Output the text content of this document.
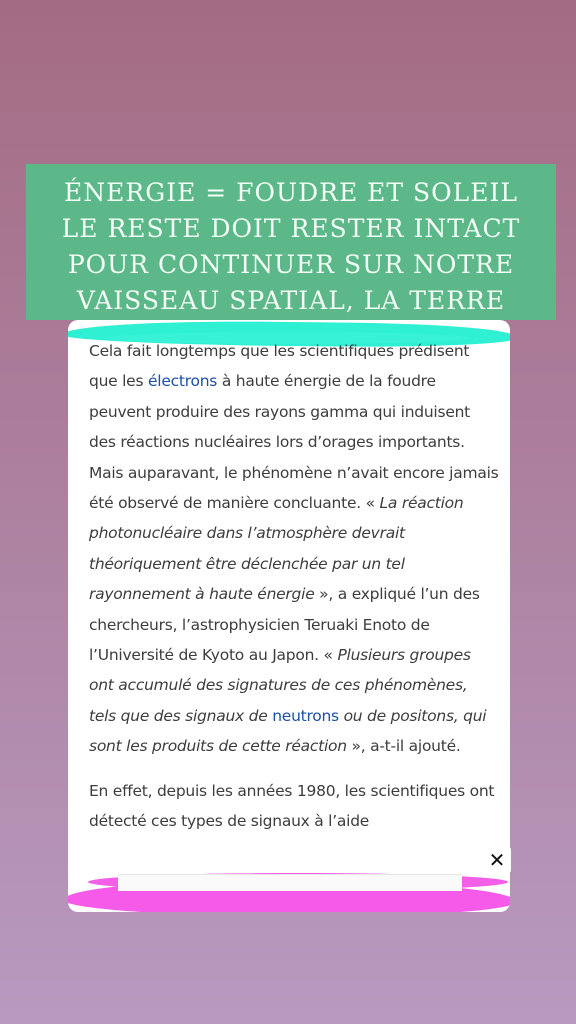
ÉNERGIE = FOUDRE ET SOLEIL
LE RESTE DOIT RESTER INTACT
POUR CONTINUER SUR NOTRE
VAISSEAU SPATIAL, LA TERRE

Cela fait longtemps que les scientifiques prédisent que les électrons à haute énergie de la foudre peuvent produire des rayons gamma qui induisent des réactions nucléaires lors d’orages importants. Mais auparavant, le phénomène n’avait encore jamais été observé de manière concluante. « La réaction photonucléaire dans l’atmosphère devrait théoriquement être déclenchée par un tel rayonnement à haute énergie », a expliqué l’un des chercheurs, l’astrophysicien Teruaki Enoto de l’Université de Kyoto au Japon. « Plusieurs groupes ont accumulé des signatures de ces phénomènes, tels que des signaux de neutrons ou de positons, qui sont les produits de cette réaction », a-t-il ajouté.

En effet, depuis les années 1980, les scientifiques ont détecté ces types de signaux à l’aide

✕
